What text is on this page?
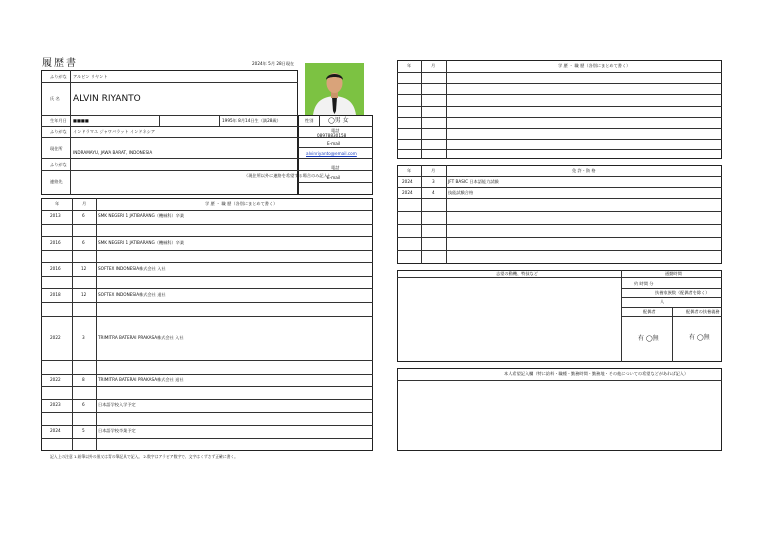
履歴書	2024年 5月 28日現在
ふりがな アルビン リヤント
氏 名 ALVIN RIYANTO
生年月日 ■■■■	1995年 8月14日生（満28歳）	性別 ◯男 女
ふりがな インドラマユ ジャワバラット インドネシア
現住所
INDRAMAYU, JAWA BARAT, INDONESIA
電話
08978830158
E-mail
alvinriyanto@email.com
ふりがな
連絡先
（現住所以外に連絡を希望する場合のみ記入）
電話
E-mail
年	月	学 歴 ・ 職 歴（各別にまとめて書く）
2013	6	SMK NEGERI 1 JATIBARANG（機械科）卒業
2016	6	SMK NEGERI 1 JATIBARANG（機械科）卒業
2016	12	SOFTEX INDONESIA株式会社 入社
2018	12	SOFTEX INDONESIA株式会社 退社
2022	3	TRIMITRA BATERAI PRAKASA株式会社 入社
2022	8	TRIMITRA BATERAI PRAKASA株式会社 退社
2023	6	日本語学校入学予定
2024	5	日本語学校卒業予定
記入上の注意 1.鉛筆以外の黒又は青の筆記具で記入。 2.数字はアラビア数字で、文字はくずさず正確に書く。
年	月	学 歴 ・ 職 歴（各別にまとめて書く）
年	月	免 許・資 格
2024	3	JFT BASIC 日本語能力試験
2024	4	技能試験合格
志望の動機、特技など	通勤時間
約 時間 分
扶養家族数（配偶者を除く）
人
配偶者	配偶者の扶養義務
有 ◯無	有 ◯無
本人希望記入欄（特に給料・職種・勤務時間・勤務地・その他についての希望などがあれば記入）
